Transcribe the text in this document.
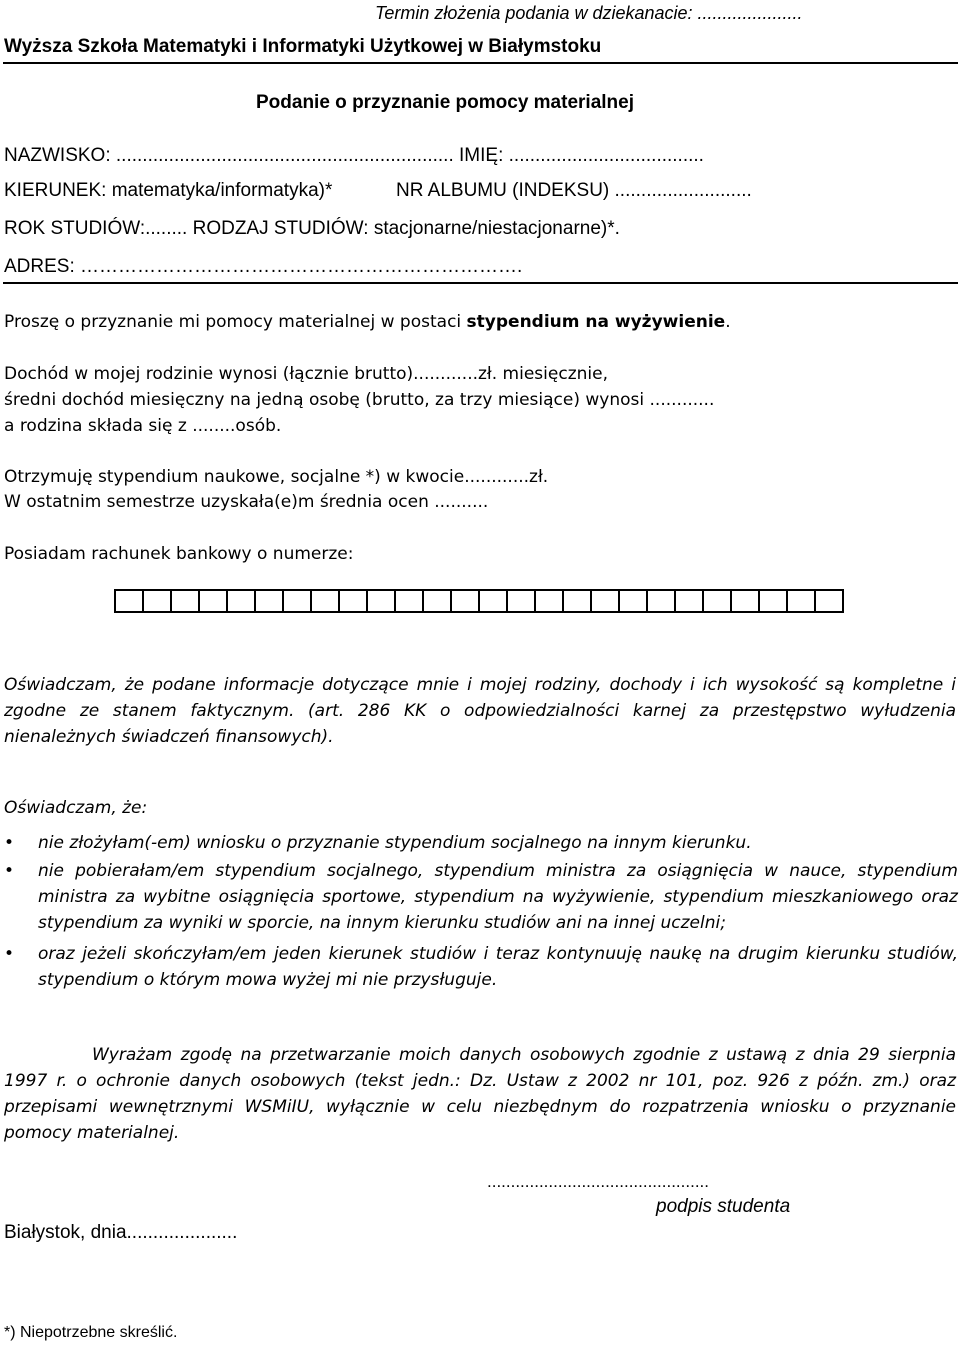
Termin złożenia podania w dziekanacie: .....................
Wyższa Szkoła Matematyki i Informatyki Użytkowej w Białymstoku
Podanie o przyznanie pomocy materialnej
NAZWISKO: ................................................................ IMIĘ: .....................................
KIERUNEK: matematyka/informatyka)*	NR ALBUMU (INDEKSU) ..........................
ROK STUDIÓW:........ RODZAJ STUDIÓW: stacjonarne/niestacjonarne)*.
ADRES: …………………………………………………………….
Proszę o przyznanie mi pomocy materialnej w postaci stypendium na wyżywienie.
Dochód w mojej rodzinie wynosi (łącznie brutto)............zł. miesięcznie,
średni dochód miesięczny na jedną osobę (brutto, za trzy miesiące) wynosi ............
a rodzina składa się z ........osób.
Otrzymuję stypendium naukowe, socjalne *) w kwocie............zł.
W ostatnim semestrze uzyskała(e)m średnia ocen ..........
Posiadam rachunek bankowy o numerze:
Oświadczam, że podane informacje dotyczące mnie i mojej rodziny, dochody i ich wysokość są kompletne i zgodne ze stanem faktycznym. (art. 286 KK o odpowiedzialności karnej za przestępstwo wyłudzenia nienależnych świadczeń finansowych).
Oświadczam, że:
• nie złożyłam(-em) wniosku o przyznanie stypendium socjalnego na innym kierunku.
• nie pobierałam/em stypendium socjalnego, stypendium ministra za osiągnięcia w nauce, stypendium ministra za wybitne osiągnięcia sportowe, stypendium na wyżywienie, stypendium mieszkaniowego oraz stypendium za wyniki w sporcie, na innym kierunku studiów ani na innej uczelni;
• oraz jeżeli skończyłam/em jeden kierunek studiów i teraz kontynuuję naukę na drugim kierunku studiów, stypendium o którym mowa wyżej mi nie przysługuje.
Wyrażam zgodę na przetwarzanie moich danych osobowych zgodnie z ustawą z dnia 29 sierpnia 1997 r. o ochronie danych osobowych (tekst jedn.: Dz. Ustaw z 2002 nr 101, poz. 926 z późn. zm.) oraz przepisami wewnętrznymi WSMiIU, wyłącznie w celu niezbędnym do rozpatrzenia wniosku o przyznanie pomocy materialnej.
...............................................
podpis studenta
Białystok, dnia.....................
*) Niepotrzebne skreślić.
